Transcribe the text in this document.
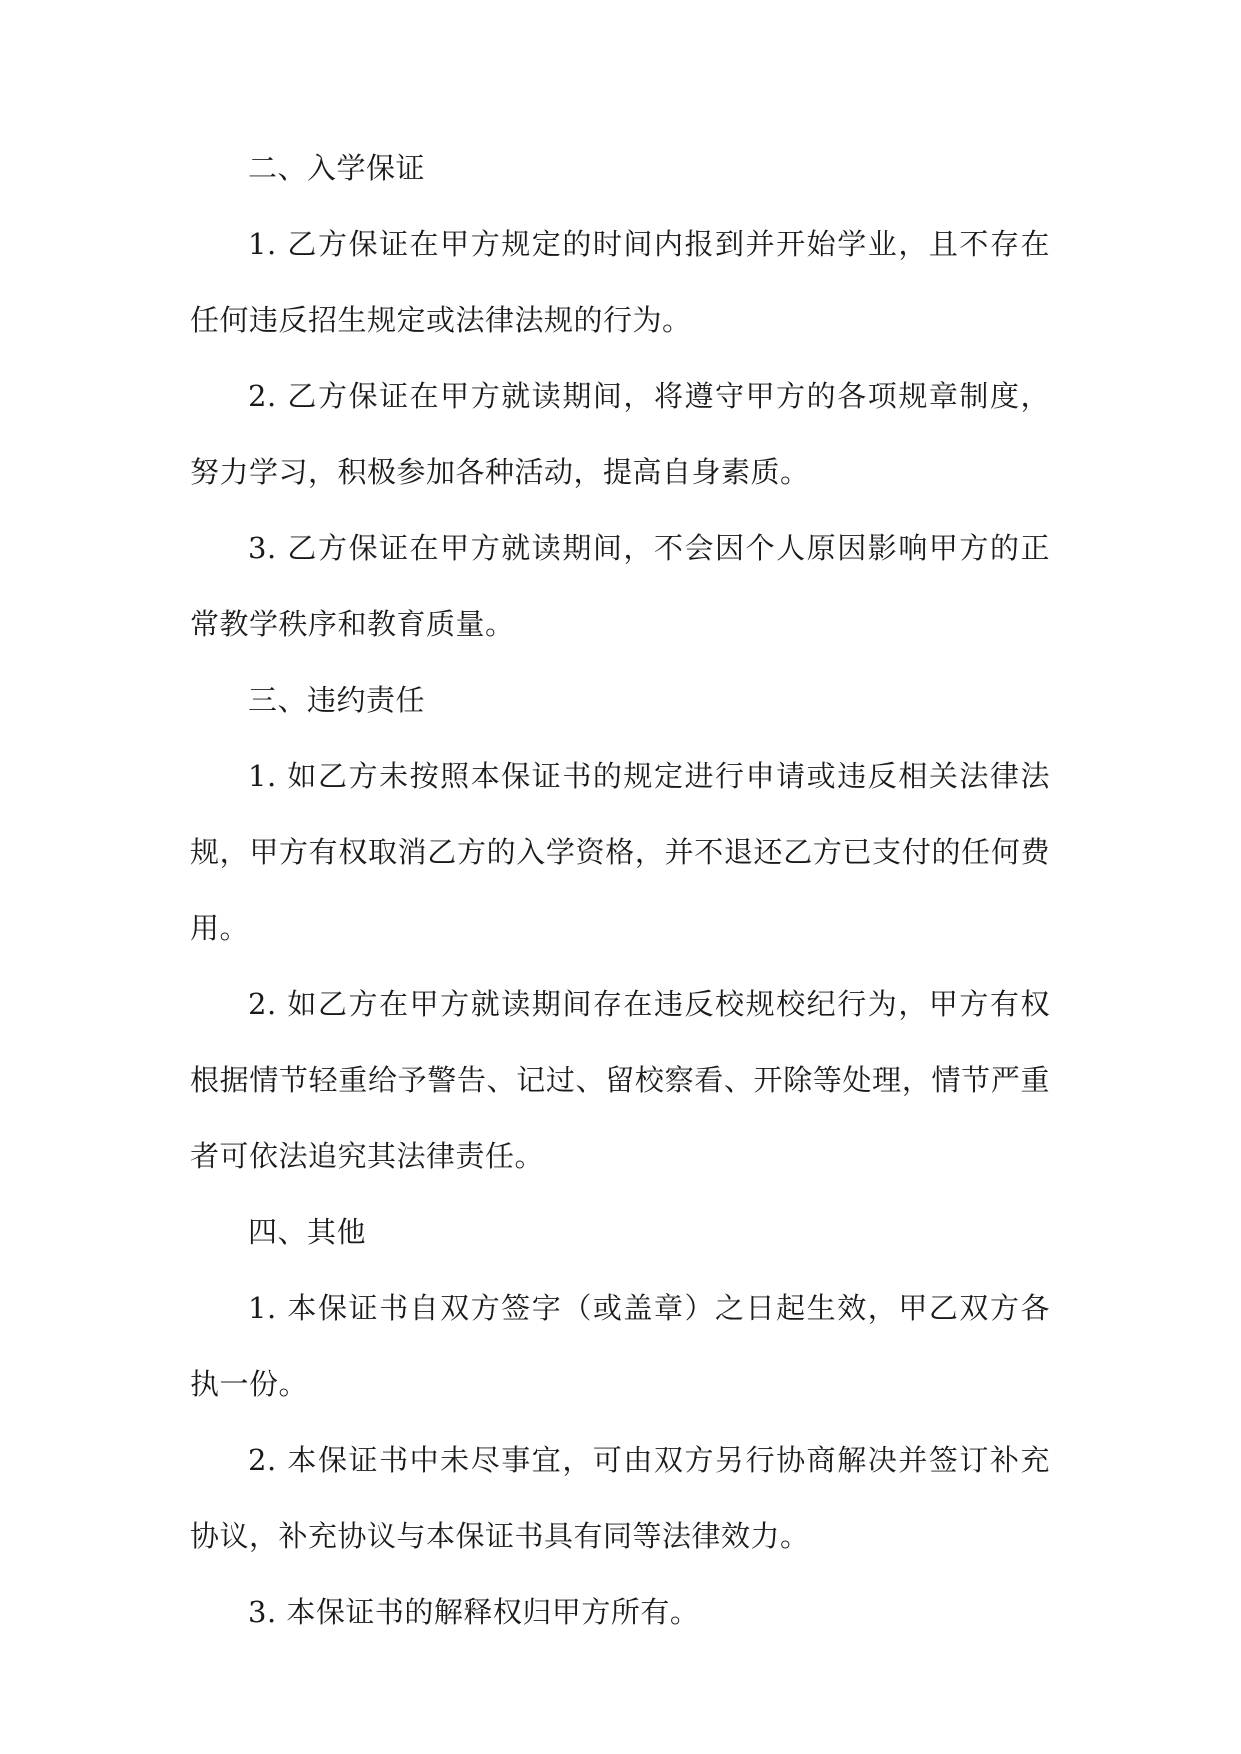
二、入学保证

1. 乙方保证在甲方规定的时间内报到并开始学业，且不存在任何违反招生规定或法律法规的行为。

2. 乙方保证在甲方就读期间，将遵守甲方的各项规章制度，努力学习，积极参加各种活动，提高自身素质。

3. 乙方保证在甲方就读期间，不会因个人原因影响甲方的正常教学秩序和教育质量。

三、违约责任

1. 如乙方未按照本保证书的规定进行申请或违反相关法律法规，甲方有权取消乙方的入学资格，并不退还乙方已支付的任何费用。

2. 如乙方在甲方就读期间存在违反校规校纪行为，甲方有权根据情节轻重给予警告、记过、留校察看、开除等处理，情节严重者可依法追究其法律责任。

四、其他

1. 本保证书自双方签字（或盖章）之日起生效，甲乙双方各执一份。

2. 本保证书中未尽事宜，可由双方另行协商解决并签订补充协议，补充协议与本保证书具有同等法律效力。

3. 本保证书的解释权归甲方所有。
